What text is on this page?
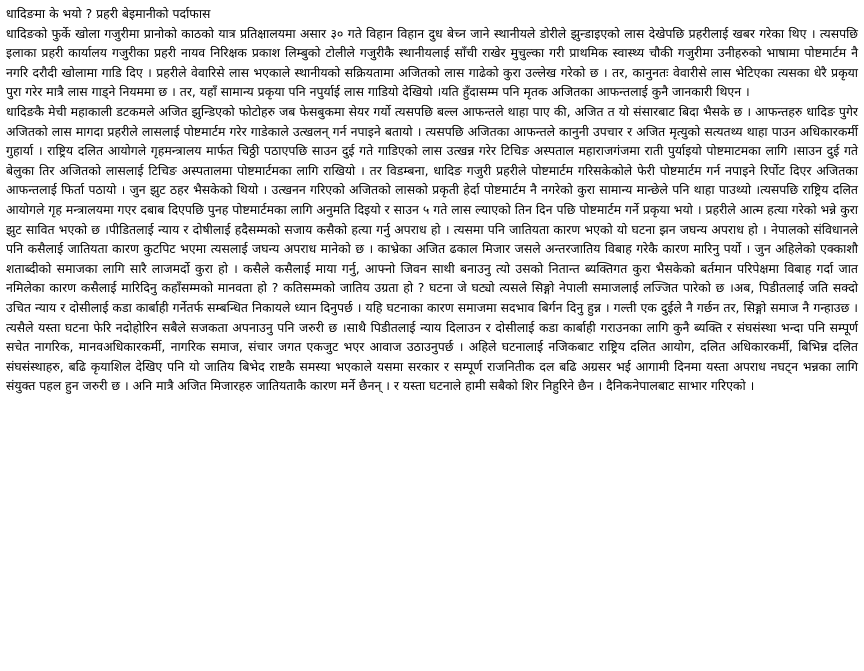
धादिङमा के भयो ? प्रहरी बेइमानीको पर्दाफास

धादिङको फुर्के खोला गजुरीमा प्रानोको काठको यात्र प्रतिक्षालयमा असार ३० गते विहान विहान दुध बेच्न जाने स्थानीयले डोरीले झुन्डाइएको लास देखेपछि प्रहरीलाई खबर गरेका थिए । त्यसपछि इलाका प्रहरी कार्यालय गजुरीका प्रहरी नायव निरिक्षक प्रकाश लिम्बुको टोलीले गजुरीकै स्थानीयलाई साँची राखेर मुचुल्का गरी प्राथमिक स्वास्थ्य चौकी गजुरीमा उनीहरुको भाषामा पोष्टमार्टम नै नगरि दराैदी खोलामा गाडि दिए । प्रहरीले वेवारिसे लास भएकाले स्थानीयको सक्रियतामा अजितको लास गाढेको कुरा उल्लेख गरेको छ । तर, कानुनतः वेवारीसे लास भेटिएका त्यसका धेरै प्रकृया पुरा गरेर मात्रै लास गाड्ने नियममा छ । तर, यहाँ सामान्य प्रकृया पनि नपुर्याई लास गाडियो देखियो ।यति हुँदासम्म पनि मृतक अजितका आफन्तलाई कुनै जानकारी थिएन ।

धादिङकै मेची महाकाली डटकमले अजित झुन्डिएको फोटोहरु जब फेसबुकमा सेयर गर्यो त्यसपछि बल्ल आफन्तले थाहा पाए की, अजित त यो संसारबाट बिदा भैसके छ । आफन्तहरु धादिङ पुगेर अजितको लास मागदा प्रहरीले लासलाई पोष्टमार्टम गरेर गाडेकाले उत्खलन् गर्न नपाइने बतायो । त्यसपछि अजितका आफन्तले कानुनी उपचार र अजित मृत्युको सत्यतथ्य थाहा पाउन अधिकारकर्मी गुहार्या । राष्ट्रिय दलित आयोगले गृहमन्त्रालय मार्फत चिठ्ठी पठाएपछि साउन दुई गते गाडिएको लास उत्खन्न गरेर टिचिङ अस्पताल महाराजगंजमा राती पुर्याइयो पोष्टमाटमका लागि ।साउन दुई गते बेलुका तिर अजितको लासलाई टिचिङ अस्पतालमा पोष्टमार्टमका लागि राखियो । तर विडम्बना, धादिङ गजुरी प्रहरीले पोष्टमार्टम गरिसकेकोले फेरी पोष्टमार्टम गर्न नपाइने रिर्पोट दिएर अजितका आफन्तलाई फिर्ता पठायो । जुन झुट ठहर भैसकेको थियो । उत्खनन गरिएको अजितको लासको प्रकृती हेर्दा पोष्टमार्टम नै नगरेको कुरा सामान्य मान्छेले पनि थाहा पाउथ्यो ।त्यसपछि राष्ट्रिय दलित आयोगले गृह मन्त्रालयमा गएर दबाब दिएपछि पुनह पोष्टमार्टमका लागि अनुमति दिइयो र साउन ५ गते लास ल्याएको तिन दिन पछि पोष्टमार्टम गर्ने प्रकृया भयो । प्रहरीले आत्म हत्या गरेको भन्ने कुरा झुट सावित भएको छ ।पीडितलाई न्याय र दोषीलाई हदैसम्मको सजाय कसैको हत्या गर्नु अपराध हो । त्यसमा पनि जातियता कारण भएको यो घटना झन जघन्य अपराध हो । नेपालको संविधानले पनि कसैलाई जातियता कारण कुटपिट भएमा त्यसलाई जघन्य अपराध मानेको छ । काभ्रेका अजित ढकाल मिजार जसले अन्तरजातिय विबाह गरेकै कारण मारिनु पर्यो । जुन अहिलेको एक्काशौ शताब्दीको समाजका लागि सारै लाजमर्दो कुरा हो । कसैले कसैलाई माया गर्नु, आफ्नो जिवन साथी बनाउनु त्यो उसको नितान्त ब्यक्तिगत कुरा भैसकेको बर्तमान परिपेक्षमा विबाह गर्दा जात नमिलेका कारण कसैलाई मारिदिनु कहाँसम्मको मानवता हो ? कतिसम्मको जातिय उग्रता हो ? घटना जे घट्यो त्यसले सिङ्गो नेपाली समाजलाई लज्जित पारेको छ ।अब, पिडीतलाई जति सक्दो उचित न्याय र दोसीलाई कडा कार्बाही गर्नेतर्फ सम्बन्धित निकायले ध्यान दिनुपर्छ । यहि घटनाका कारण समाजमा सदभाव बिर्गन दिनु हुन्न । गल्ती एक दुईले नै गर्छन तर, सिङ्गो समाज नै गन्हाउछ । त्यसैले यस्ता घटना फेरि नदोहोरिन सबैले सजकता अपनाउनु पनि जरुरी छ ।साथै पिडीतलाई न्याय दिलाउन र दोसीलाई कडा कार्बाही गराउनका लागि कुनै ब्यक्ति र संघसंस्था भन्दा पनि सम्पूर्ण सचेत नागरिक, मानवअधिकारकर्मी, नागरिक समाज, संचार जगत एकजुट भएर आवाज उठाउनुपर्छ । अहिले घटनालाई नजिकबाट राष्ट्रिय दलित आयोग, दलित अधिकारकर्मी, बिभिन्न दलित संघसंस्थाहरु, बढि कृयाशिल देखिए पनि यो जातिय बिभेद राष्टकै समस्या भएकाले यसमा सरकार र सम्पूर्ण राजनितीक दल बढि अग्रसर भई आगामी दिनमा यस्ता अपराध नघट्न भन्नका लागि संयुक्त पहल हुन जरुरी छ । अनि मात्रै अजित मिजारहरु जातियताकै कारण मर्ने छैनन् । र यस्ता घटनाले हामी सबैको शिर निहुरिने छैन । दैनिकनेपालबाट साभार गरिएको ।
